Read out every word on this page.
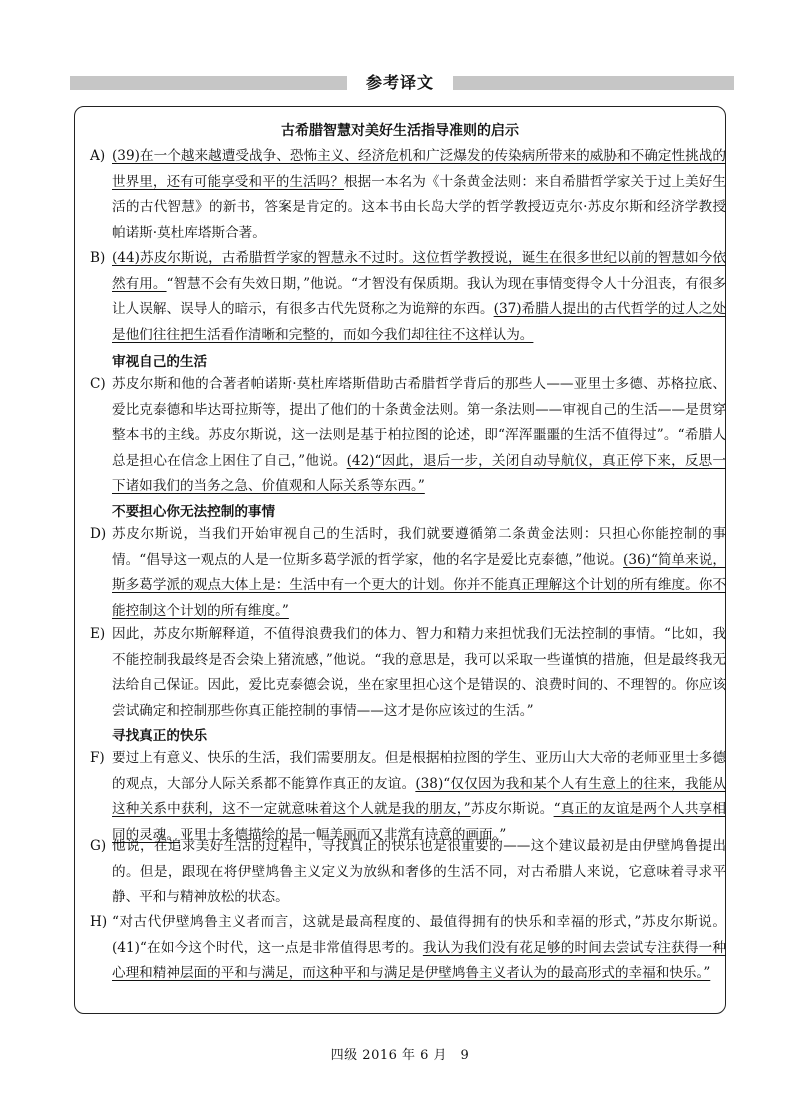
参考译文
古希腊智慧对美好生活指导准则的启示
A) (39)在一个越来越遭受战争、恐怖主义、经济危机和广泛爆发的传染病所带来的威胁和不确定性挑战的世界里，还有可能享受和平的生活吗？根据一本名为《十条黄金法则：来自希腊哲学家关于过上美好生活的古代智慧》的新书，答案是肯定的。这本书由长岛大学的哲学教授迈克尔·苏皮尔斯和经济学教授帕诺斯·莫杜库塔斯合著。
B) (44)苏皮尔斯说，古希腊哲学家的智慧永不过时。这位哲学教授说，诞生在很多世纪以前的智慧如今依然有用。“智慧不会有失效日期，”他说。“才智没有保质期。我认为现在事情变得令人十分沮丧，有很多让人误解、误导人的暗示，有很多古代先贤称之为诡辩的东西。(37)希腊人提出的古代哲学的过人之处是他们往往把生活看作清晰和完整的，而如今我们却往往不这样认为。
审视自己的生活
C) 苏皮尔斯和他的合著者帕诺斯·莫杜库塔斯借助古希腊哲学背后的那些人——亚里士多德、苏格拉底、爱比克泰德和毕达哥拉斯等，提出了他们的十条黄金法则。第一条法则——审视自己的生活——是贯穿整本书的主线。苏皮尔斯说，这一法则是基于柏拉图的论述，即“浑浑噩噩的生活不值得过”。“希腊人总是担心在信念上困住了自己，”他说。(42)“因此，退后一步，关闭自动导航仪，真正停下来，反思一下诸如我们的当务之急、价值观和人际关系等东西。”
不要担心你无法控制的事情
D) 苏皮尔斯说，当我们开始审视自己的生活时，我们就要遵循第二条黄金法则：只担心你能控制的事情。“倡导这一观点的人是一位斯多葛学派的哲学家，他的名字是爱比克泰德，”他说。(36)“简单来说，斯多葛学派的观点大体上是：生活中有一个更大的计划。你并不能真正理解这个计划的所有维度。你不能控制这个计划的所有维度。”
E) 因此，苏皮尔斯解释道，不值得浪费我们的体力、智力和精力来担忧我们无法控制的事情。“比如，我不能控制我最终是否会染上猪流感，”他说。“我的意思是，我可以采取一些谨慎的措施，但是最终我无法给自己保证。因此，爱比克泰德会说，坐在家里担心这个是错误的、浪费时间的、不理智的。你应该尝试确定和控制那些你真正能控制的事情——这才是你应该过的生活。”
寻找真正的快乐
F) 要过上有意义、快乐的生活，我们需要朋友。但是根据柏拉图的学生、亚历山大大帝的老师亚里士多德的观点，大部分人际关系都不能算作真正的友谊。(38)“仅仅因为我和某个人有生意上的往来，我能从这种关系中获利，这不一定就意味着这个人就是我的朋友，”苏皮尔斯说。“真正的友谊是两个人共享相同的灵魂。亚里士多德描绘的是一幅美丽而又非常有诗意的画面。”
G) 他说，在追求美好生活的过程中，寻找真正的快乐也是很重要的——这个建议最初是由伊壁鸠鲁提出的。但是，跟现在将伊壁鸠鲁主义定义为放纵和奢侈的生活不同，对古希腊人来说，它意味着寻求平静、平和与精神放松的状态。
H) “对古代伊壁鸠鲁主义者而言，这就是最高程度的、最值得拥有的快乐和幸福的形式，”苏皮尔斯说。(41)“在如今这个时代，这一点是非常值得思考的。我认为我们没有花足够的时间去尝试专注获得一种心理和精神层面的平和与满足，而这种平和与满足是伊壁鸠鲁主义者认为的最高形式的幸福和快乐。”
四级 2016 年 6 月　9
